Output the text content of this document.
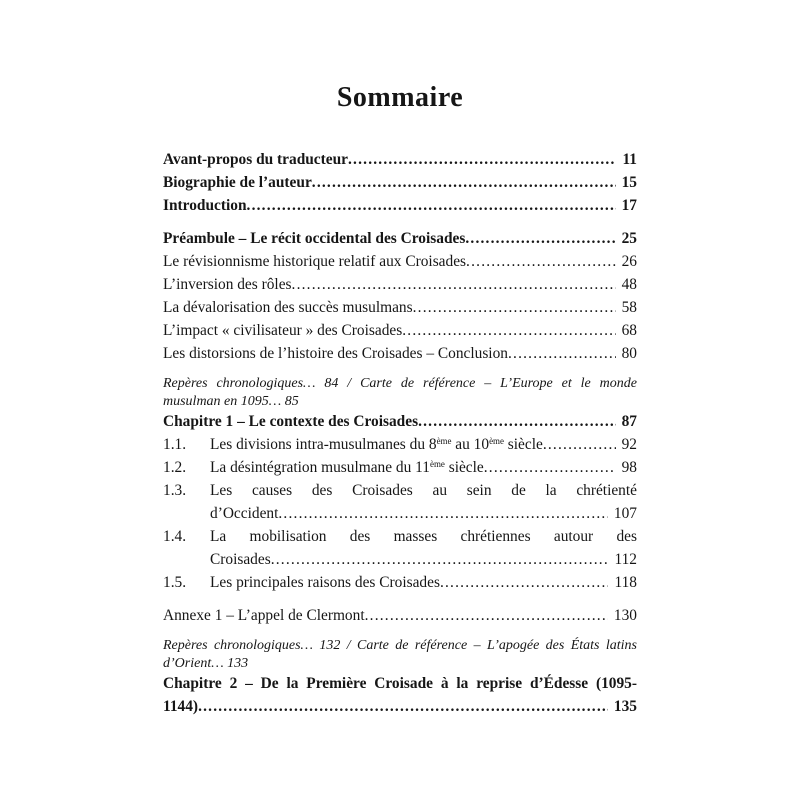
Sommaire
Avant-propos du traducteur .....	11
Biographie de l’auteur .....	15
Introduction .....	17
Préambule – Le récit occidental des Croisades .....	25
Le révisionnisme historique relatif aux Croisades .....	26
L’inversion des rôles .....	48
La dévalorisation des succès musulmans .....	58
L’impact « civilisateur » des Croisades .....	68
Les distorsions de l’histoire des Croisades – Conclusion .....	80
Repères chronologiques… 84 / Carte de référence – L’Europe et le monde
musulman en 1095… 85
Chapitre 1 – Le contexte des Croisades .....	87
1.1. Les divisions intra-musulmanes du 8ème au 10ème siècle .....	92
1.2. La désintégration musulmane du 11ème siècle .....	98
1.3. Les causes des Croisades au sein de la chrétienté
d’Occident .....	107
1.4. La mobilisation des masses chrétiennes autour des
Croisades .....	112
1.5. Les principales raisons des Croisades .....	118
Annexe 1 – L’appel de Clermont .....	130
Repères chronologiques… 132 / Carte de référence – L’apogée des États latins
d’Orient… 133
Chapitre 2 – De la Première Croisade à la reprise d’Édesse (1095-
1144) .....	135
